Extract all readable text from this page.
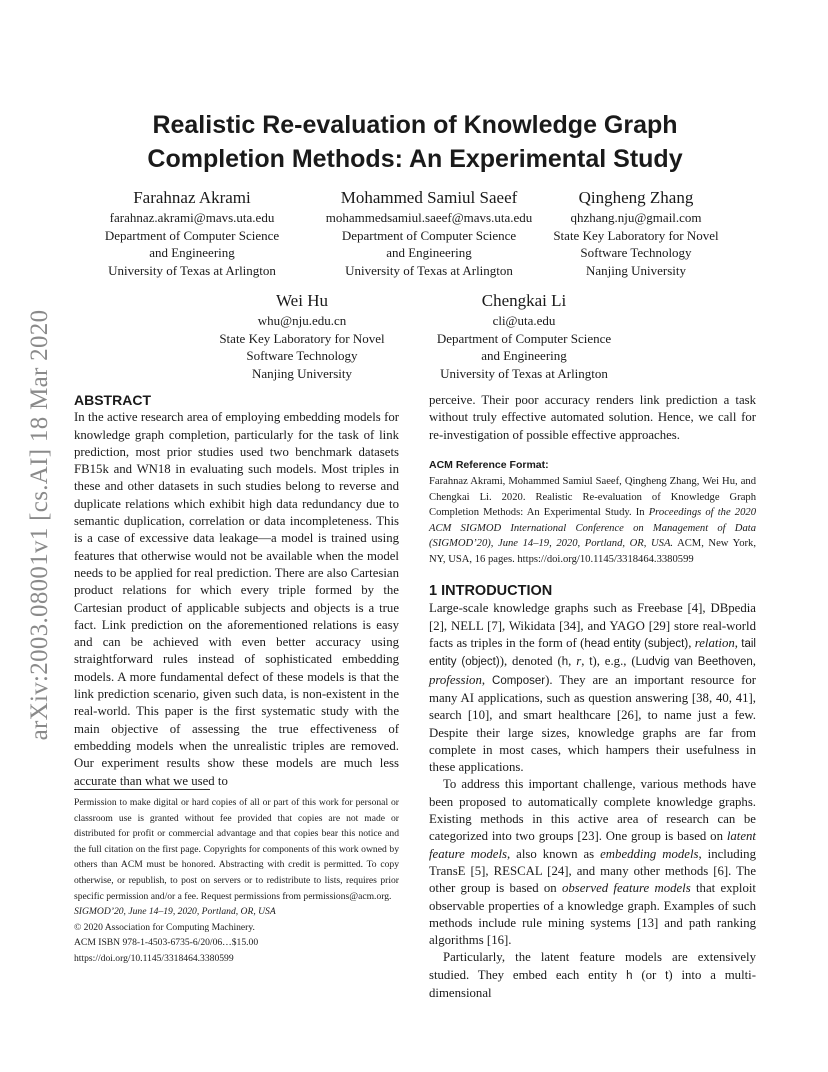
arXiv:2003.08001v1 [cs.AI] 18 Mar 2020
Realistic Re-evaluation of Knowledge Graph
Completion Methods: An Experimental Study
Farahnaz Akrami
farahnaz.akrami@mavs.uta.edu
Department of Computer Science
and Engineering
University of Texas at Arlington
Mohammed Samiul Saeef
mohammedsamiul.saeef@mavs.uta.edu
Department of Computer Science
and Engineering
University of Texas at Arlington
Qingheng Zhang
qhzhang.nju@gmail.com
State Key Laboratory for Novel
Software Technology
Nanjing University
Wei Hu
whu@nju.edu.cn
State Key Laboratory for Novel
Software Technology
Nanjing University
Chengkai Li
cli@uta.edu
Department of Computer Science
and Engineering
University of Texas at Arlington

ABSTRACT

In the active research area of employing embedding models for knowledge graph completion, particularly for the task of link prediction, most prior studies used two benchmark datasets FB15k and WN18 in evaluating such models. Most triples in these and other datasets in such studies belong to reverse and duplicate relations which exhibit high data redundancy due to semantic duplication, correlation or data incompleteness. This is a case of excessive data leakage—a model is trained using features that otherwise would not be available when the model needs to be applied for real prediction. There are also Cartesian product relations for which every triple formed by the Cartesian product of applicable subjects and objects is a true fact. Link prediction on the aforementioned relations is easy and can be achieved with even better accuracy using straightforward rules instead of sophisticated embedding models. A more fundamental defect of these models is that the link prediction scenario, given such data, is non-existent in the real-world. This paper is the first systematic study with the main objective of assessing the true effectiveness of embedding models when the unrealistic triples are removed. Our experiment results show these models are much less accurate than what we used to

Permission to make digital or hard copies of all or part of this work for personal or classroom use is granted without fee provided that copies are not made or distributed for profit or commercial advantage and that copies bear this notice and the full citation on the first page. Copyrights for components of this work owned by others than ACM must be honored. Abstracting with credit is permitted. To copy otherwise, or republish, to post on servers or to redistribute to lists, requires prior specific permission and/or a fee. Request permissions from permissions@acm.org.

SIGMOD’20, June 14–19, 2020, Portland, OR, USA

© 2020 Association for Computing Machinery.

ACM ISBN 978-1-4503-6735-6/20/06…$15.00

https://doi.org/10.1145/3318464.3380599

perceive. Their poor accuracy renders link prediction a task without truly effective automated solution. Hence, we call for re-investigation of possible effective approaches.

ACM Reference Format:

Farahnaz Akrami, Mohammed Samiul Saeef, Qingheng Zhang, Wei Hu, and Chengkai Li. 2020. Realistic Re-evaluation of Knowledge Graph Completion Methods: An Experimental Study. In Proceedings of the 2020 ACM SIGMOD International Conference on Management of Data (SIGMOD’20), June 14–19, 2020, Portland, OR, USA. ACM, New York, NY, USA, 16 pages. https://doi.org/10.1145/3318464.3380599

1 INTRODUCTION

Large-scale knowledge graphs such as Freebase [4], DBpedia [2], NELL [7], Wikidata [34], and YAGO [29] store real-world facts as triples in the form of (head entity (subject), relation, tail entity (object)), denoted (h, r, t), e.g., (Ludvig van Beethoven, profession, Composer). They are an important resource for many AI applications, such as question answering [38, 40, 41], search [10], and smart healthcare [26], to name just a few. Despite their large sizes, knowledge graphs are far from complete in most cases, which hampers their usefulness in these applications.

To address this important challenge, various methods have been proposed to automatically complete knowledge graphs. Existing methods in this active area of research can be categorized into two groups [23]. One group is based on latent feature models, also known as embedding models, including TransE [5], RESCAL [24], and many other methods [6]. The other group is based on observed feature models that exploit observable properties of a knowledge graph. Examples of such methods include rule mining systems [13] and path ranking algorithms [16].

Particularly, the latent feature models are extensively studied. They embed each entity h (or t) into a multi-dimensional
